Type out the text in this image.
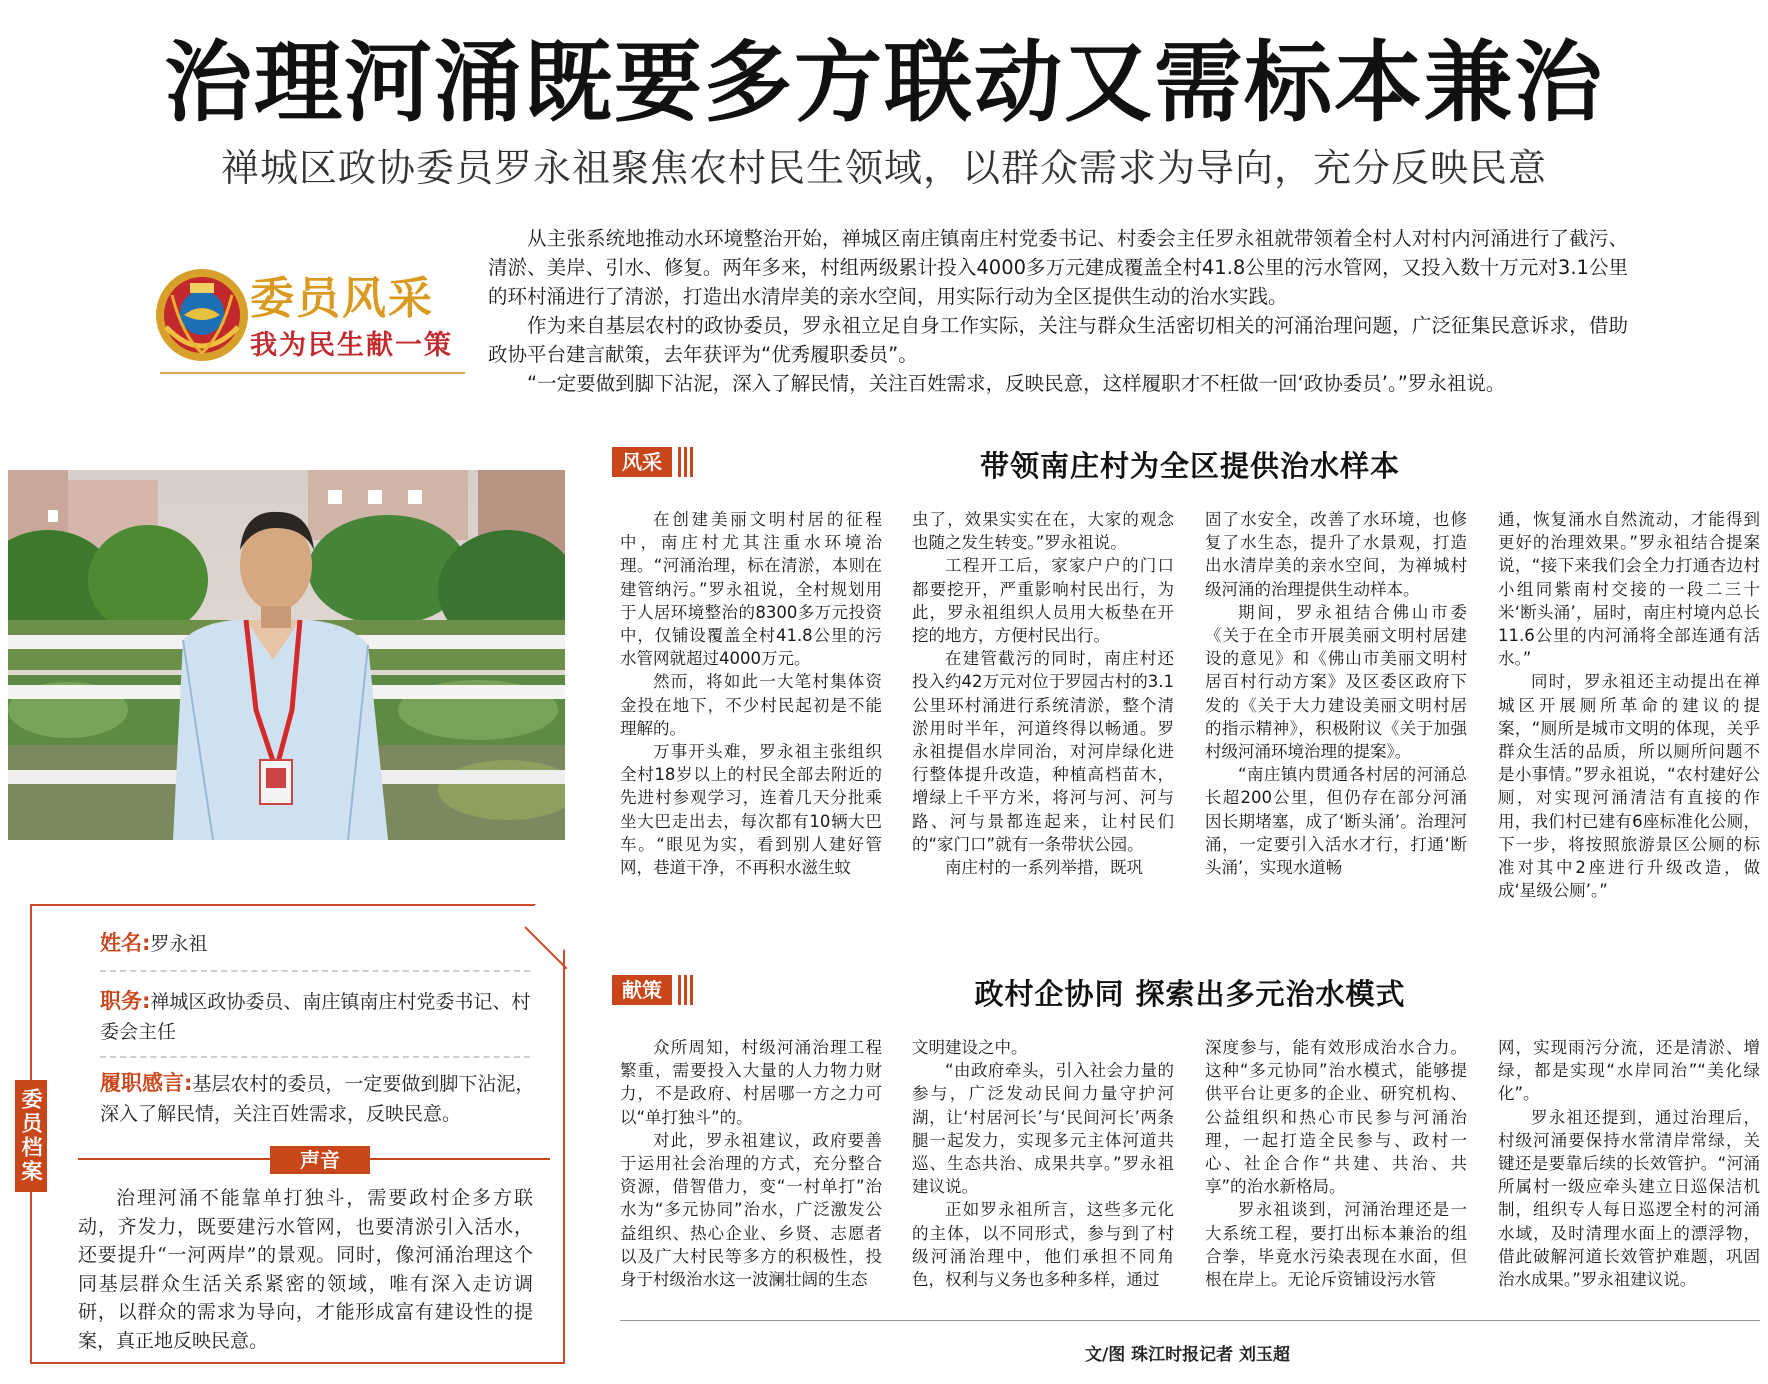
治理河涌既要多方联动又需标本兼治
禅城区政协委员罗永祖聚焦农村民生领域，以群众需求为导向，充分反映民意
委员风采
我为民生献一策

从主张系统地推动水环境整治开始，禅城区南庄镇南庄村党委书记、村委会主任罗永祖就带领着全村人对村内河涌进行了截污、清淤、美岸、引水、修复。两年多来，村组两级累计投入4000多万元建成覆盖全村41.8公里的污水管网，又投入数十万元对3.1公里的环村涌进行了清淤，打造出水清岸美的亲水空间，用实际行动为全区提供生动的治水实践。

作为来自基层农村的政协委员，罗永祖立足自身工作实际，关注与群众生活密切相关的河涌治理问题，广泛征集民意诉求，借助政协平台建言献策，去年获评为“优秀履职委员”。

“一定要做到脚下沾泥，深入了解民情，关注百姓需求，反映民意，这样履职才不枉做一回‘政协委员’。”罗永祖说。

风采	带领南庄村为全区提供治水样本

在创建美丽文明村居的征程中，南庄村尤其注重水环境治理。“河涌治理，标在清淤，本则在建管纳污。”罗永祖说，全村规划用于人居环境整治的8300多万元投资中，仅铺设覆盖全村41.8公里的污水管网就超过4000万元。

然而，将如此一大笔村集体资金投在地下，不少村民起初是不能理解的。

万事开头难，罗永祖主张组织全村18岁以上的村民全部去附近的先进村参观学习，连着几天分批乘坐大巴走出去，每次都有10辆大巴车。“眼见为实，看到别人建好管网，巷道干净，不再积水滋生蚊

虫了，效果实实在在，大家的观念也随之发生转变。”罗永祖说。

工程开工后，家家户户的门口都要挖开，严重影响村民出行，为此，罗永祖组织人员用大板垫在开挖的地方，方便村民出行。

在建管截污的同时，南庄村还投入约42万元对位于罗园古村的3.1公里环村涌进行系统清淤，整个清淤用时半年，河道终得以畅通。罗永祖提倡水岸同治，对河岸绿化进行整体提升改造，种植高档苗木，增绿上千平方米，将河与河、河与路、河与景都连起来，让村民们的“家门口”就有一条带状公园。

南庄村的一系列举措，既巩

固了水安全，改善了水环境，也修复了水生态，提升了水景观，打造出水清岸美的亲水空间，为禅城村级河涌的治理提供生动样本。

期间，罗永祖结合佛山市委《关于在全市开展美丽文明村居建设的意见》和《佛山市美丽文明村居百村行动方案》及区委区政府下发的《关于大力建设美丽文明村居的指示精神》，积极附议《关于加强村级河涌环境治理的提案》。

“南庄镇内贯通各村居的河涌总长超200公里，但仍存在部分河涌因长期堵塞，成了‘断头涌’。治理河涌，一定要引入活水才行，打通‘断头涌’，实现水道畅

通，恢复涌水自然流动，才能得到更好的治理效果。”罗永祖结合提案说，“接下来我们会全力打通杏边村小组同紫南村交接的一段二三十米‘断头涌’，届时，南庄村境内总长11.6公里的内河涌将全部连通有活水。”

同时，罗永祖还主动提出在禅城区开展厕所革命的建议的提案，“厕所是城市文明的体现，关乎群众生活的品质，所以厕所问题不是小事情。”罗永祖说，“农村建好公厕，对实现河涌清洁有直接的作用，我们村已建有6座标准化公厕，下一步，将按照旅游景区公厕的标准对其中2座进行升级改造，做成‘星级公厕’。”

献策	政村企协同 探索出多元治水模式

众所周知，村级河涌治理工程繁重，需要投入大量的人力物力财力，不是政府、村居哪一方之力可以“单打独斗”的。

对此，罗永祖建议，政府要善于运用社会治理的方式，充分整合资源，借智借力，变“一村单打”治水为“多元协同”治水，广泛激发公益组织、热心企业、乡贤、志愿者以及广大村民等多方的积极性，投身于村级治水这一波澜壮阔的生态

文明建设之中。

“由政府牵头，引入社会力量的参与，广泛发动民间力量守护河湖，让‘村居河长’与‘民间河长’两条腿一起发力，实现多元主体河道共巡、生态共治、成果共享。”罗永祖建议说。

正如罗永祖所言，这些多元化的主体，以不同形式，参与到了村级河涌治理中，他们承担不同角色，权利与义务也多种多样，通过

深度参与，能有效形成治水合力。这种“多元协同”治水模式，能够提供平台让更多的企业、研究机构、公益组织和热心市民参与河涌治理，一起打造全民参与、政村一心、社企合作“共建、共治、共享”的治水新格局。

罗永祖谈到，河涌治理还是一大系统工程，要打出标本兼治的组合拳，毕竟水污染表现在水面，但根在岸上。无论斥资铺设污水管

网，实现雨污分流，还是清淤、增绿，都是实现“水岸同治”“美化绿化”。

罗永祖还提到，通过治理后，村级河涌要保持水常清岸常绿，关键还是要靠后续的长效管护。“河涌所属村一级应牵头建立日巡保洁机制，组织专人每日巡逻全村的河涌水域，及时清理水面上的漂浮物，借此破解河道长效管护难题，巩固治水成果。”罗永祖建议说。

委员档案
姓名:罗永祖
职务:禅城区政协委员、南庄镇南庄村党委书记、村委会主任
履职感言:基层农村的委员，一定要做到脚下沾泥，深入了解民情，关注百姓需求，反映民意。
声音

治理河涌不能靠单打独斗，需要政村企多方联动，齐发力，既要建污水管网，也要清淤引入活水，还要提升“一河两岸”的景观。同时，像河涌治理这个同基层群众生活关系紧密的领域，唯有深入走访调研，以群众的需求为导向，才能形成富有建设性的提案，真正地反映民意。

文/图 珠江时报记者 刘玉超
